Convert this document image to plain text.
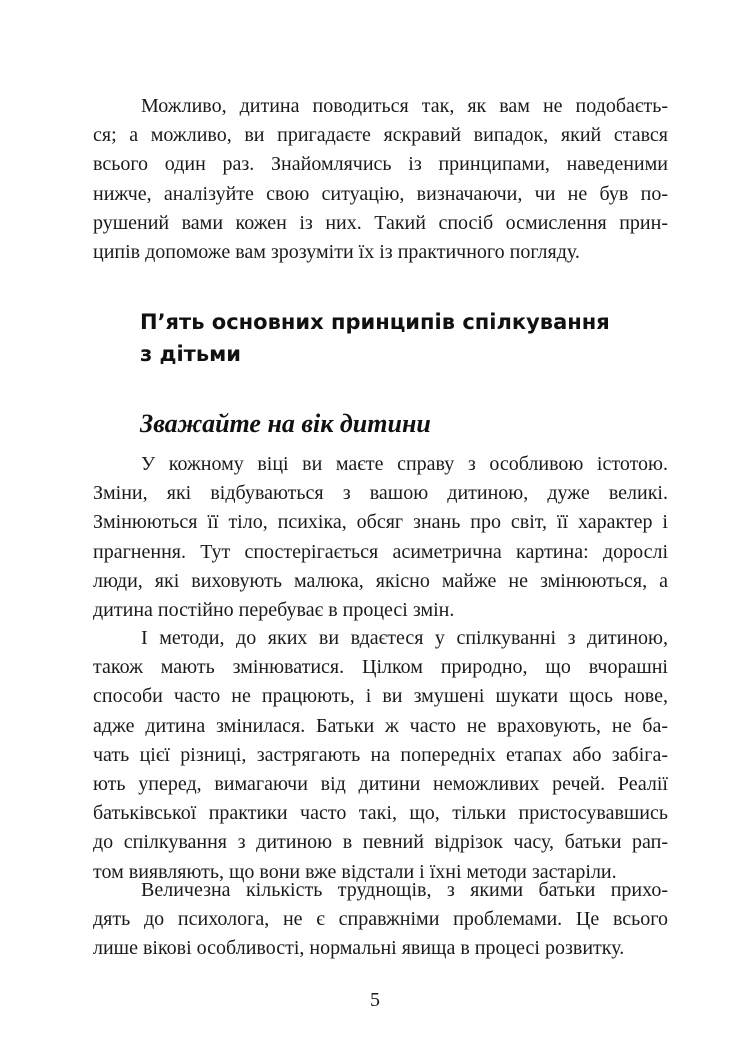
Можливо, дитина поводиться так, як вам не подобаєть-
ся; а можливо, ви пригадаєте яскравий випадок, який стався
всього один раз. Знайомлячись із принципами, наведеними
нижче, аналізуйте свою ситуацію, визначаючи, чи не був по-
рушений вами кожен із них. Такий спосіб осмислення прин-
ципів допоможе вам зрозуміти їх із практичного погляду.
П’ять основних принципів спілкування
з дітьми
Зважайте на вік дитини
У кожному віці ви маєте справу з особливою істотою.
Зміни, які відбуваються з вашою дитиною, дуже великі.
Змінюються її тіло, психіка, обсяг знань про світ, її характер і
прагнення. Тут спостерігається асиметрична картина: дорослі
люди, які виховують малюка, якісно майже не змінюються, а
дитина постійно перебуває в процесі змін.
І методи, до яких ви вдаєтеся у спілкуванні з дитиною,
також мають змінюватися. Цілком природно, що вчорашні
способи часто не працюють, і ви змушені шукати щось нове,
адже дитина змінилася. Батьки ж часто не враховують, не ба-
чать цієї різниці, застрягають на попередніх етапах або забіга-
ють уперед, вимагаючи від дитини неможливих речей. Реалії
батьківської практики часто такі, що, тільки пристосувавшись
до спілкування з дитиною в певний відрізок часу, батьки рап-
том виявляють, що вони вже відстали і їхні методи застаріли.
Величезна кількість труднощів, з якими батьки прихо-
дять до психолога, не є справжніми проблемами. Це всього
лише вікові особливості, нормальні явища в процесі розвитку.

5
